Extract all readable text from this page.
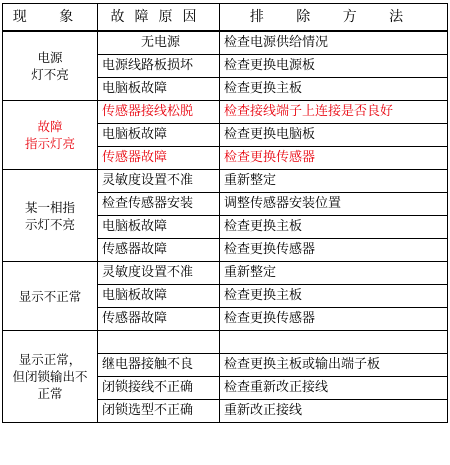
现 象	故障原因	排 除 方 法

电源
灯不亮	无电源	检查电源供给情况
	电源线路板损坏	检查更换电源板
	电脑板故障	检查更换主板

故障
指示灯亮	传感器接线松脱	检查接线端子上连接是否良好
	电脑板故障	检查更换电脑板
	传感器故障	检查更换传感器

某一相指
示灯不亮	灵敏度设置不准	重新整定
	检查传感器安装	调整传感器安装位置
	电脑板故障	检查更换主板
	传感器故障	检查更换传感器

显示不正常	灵敏度设置不准	重新整定
	电脑板故障	检查更换主板
	传感器故障	检查更换传感器

显示正常，
但闭锁输出不
正常		

	继电器接触不良	检查更换主板或输出端子板
	闭锁接线不正确	检查重新改正接线
	闭锁选型不正确	重新改正接线
